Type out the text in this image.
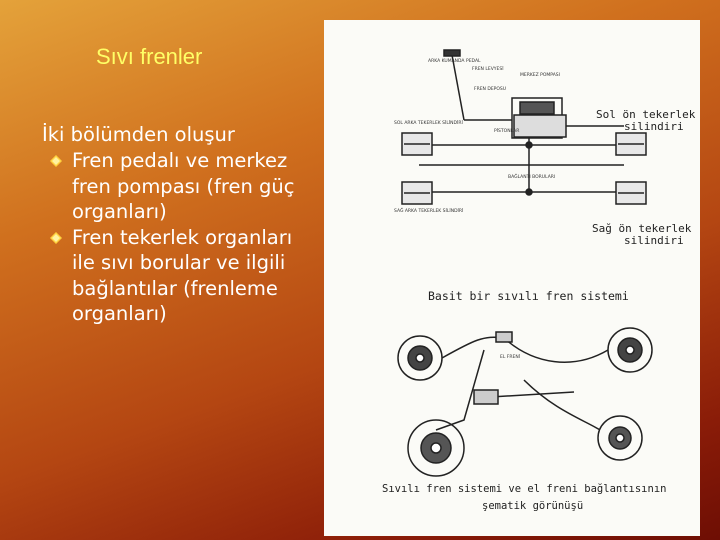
Sıvı frenler

İki bölümden oluşur

Fren pedalı ve merkez fren pompası (fren güç organları)
Fren tekerlek organları ile sıvı borular ve ilgili bağlantılar (frenleme organları)
ARKA KUMANDA PEDAL
FREN LEVYESİ
MERKEZ POMPASI
FREN DEPOSU
PİSTONLAR
SOL ARKA TEKERLEK SİLİNDİRİ
SAĞ ARKA TEKERLEK SİLİNDİRİ
BAĞLANTI BORULARI
Sol ön tekerlek
silindiri
Sağ ön tekerlek
silindiri
Basit bir sıvılı fren sistemi
EL FRENİ
Sıvılı fren sistemi ve el freni bağlantısının
şematik görünüşü
